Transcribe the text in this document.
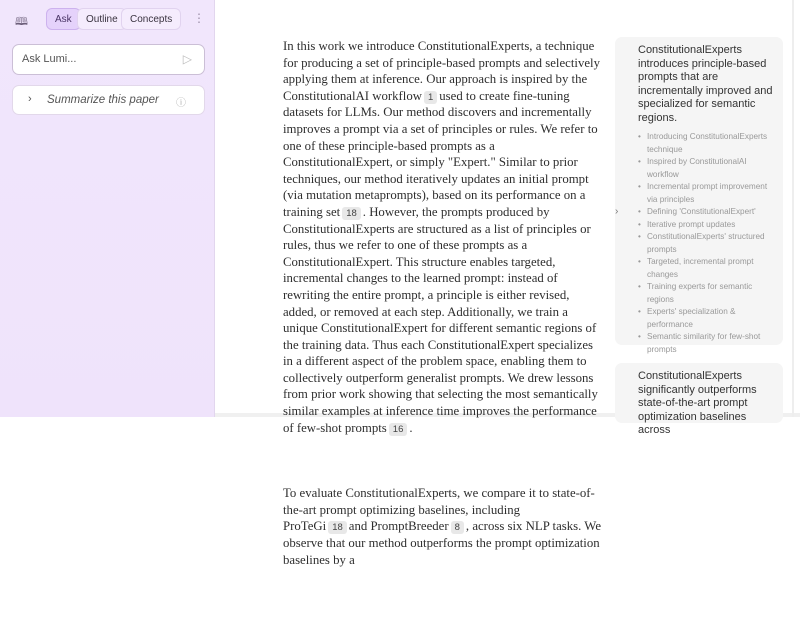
🕮	Ask	Outline	Concepts	⋮
Ask Lumi...
▷
› Summarize this paper ⓘ

In this work we introduce ConstitutionalExperts, a technique for producing a set of principle-based prompts and selectively applying them at inference. Our approach is inspired by the ConstitutionalAI workflow 1 used to create fine-tuning datasets for LLMs. Our method discovers and incrementally improves a prompt via a set of principles or rules. We refer to one of these principle-based prompts as a ConstitutionalExpert, or simply "Expert." Similar to prior techniques, our method iteratively updates an initial prompt (via mutation metaprompts), based on its performance on a training set 18 . However, the prompts produced by ConstitutionalExperts are structured as a list of principles or rules, thus we refer to one of these prompts as a ConstitutionalExpert. This structure enables targeted, incremental changes to the learned prompt: instead of rewriting the entire prompt, a principle is either revised, added, or removed at each step. Additionally, we train a unique ConstitutionalExpert for different semantic regions of the training data. Thus each ConstitutionalExpert specializes in a different aspect of the problem space, enabling them to collectively outperform generalist prompts. We drew lessons from prior work showing that selecting the most semantically similar examples at inference time improves the performance of few-shot prompts 16 .

To evaluate ConstitutionalExperts, we compare it to state-of-the-art prompt optimizing baselines, including ProTeGi 18 and PromptBreeder 8 , across six NLP tasks. We observe that our method outperforms the prompt optimization baselines by a

ConstitutionalExperts introduces principle-based prompts that are incrementally improved and specialized for semantic regions.
• Introducing ConstitutionalExperts technique
• Inspired by ConstitutionalAI workflow
• Incremental prompt improvement via principles
• ›	Defining 'ConstitutionalExpert'
• Iterative prompt updates
• ConstitutionalExperts' structured prompts
• Targeted, incremental prompt changes
• Training experts for semantic regions
• Experts' specialization & performance
• Semantic similarity for few-shot prompts
ConstitutionalExperts significantly outperforms state-of-the-art prompt optimization baselines across
